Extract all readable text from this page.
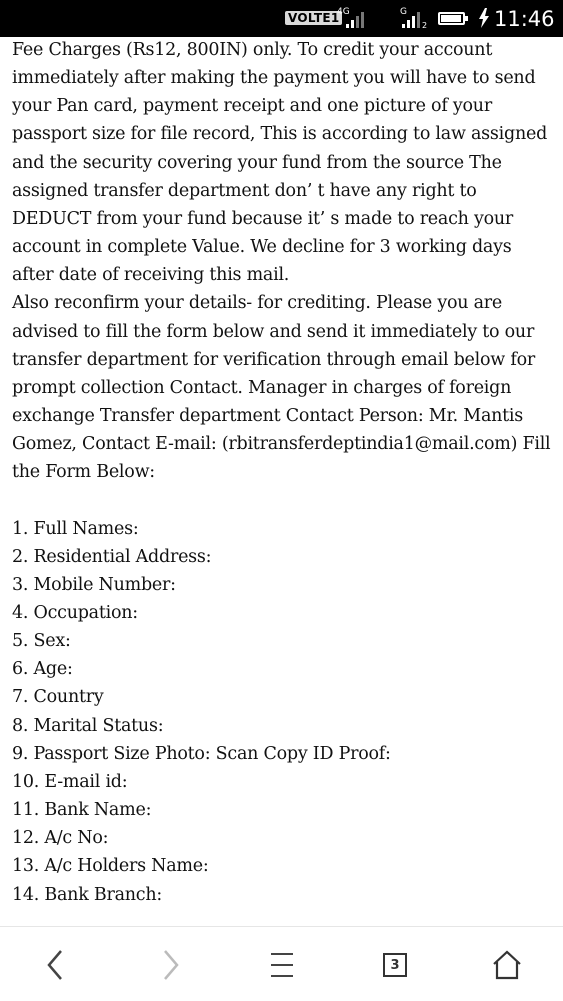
VOLTE1
4G	G
2	11:46

Fee Charges (Rs12, 800IN) only. To credit your account immediately after making the payment you will have to send your Pan card, payment receipt and one picture of your passport size for file record, This is according to law assigned and the security covering your fund from the source The assigned transfer department don’ t have any right to DEDUCT from your fund because it’ s made to reach your account in complete Value. We decline for 3 working days after date of receiving this mail.

Also reconfirm your details- for crediting. Please you are advised to fill the form below and send it immediately to our transfer department for verification through email below for prompt collection Contact. Manager in charges of foreign exchange Transfer department Contact Person: Mr. Mantis Gomez, Contact E-mail: (rbitransferdeptindia1@mail.com) Fill the Form Below:

1. Full Names:
2. Residential Address:
3. Mobile Number:
4. Occupation:
5. Sex:
6. Age:
7. Country
8. Marital Status:
9. Passport Size Photo: Scan Copy ID Proof:
10. E-mail id:
11. Bank Name:
12. A/c No:
13. A/c Holders Name:
14. Bank Branch:
3
